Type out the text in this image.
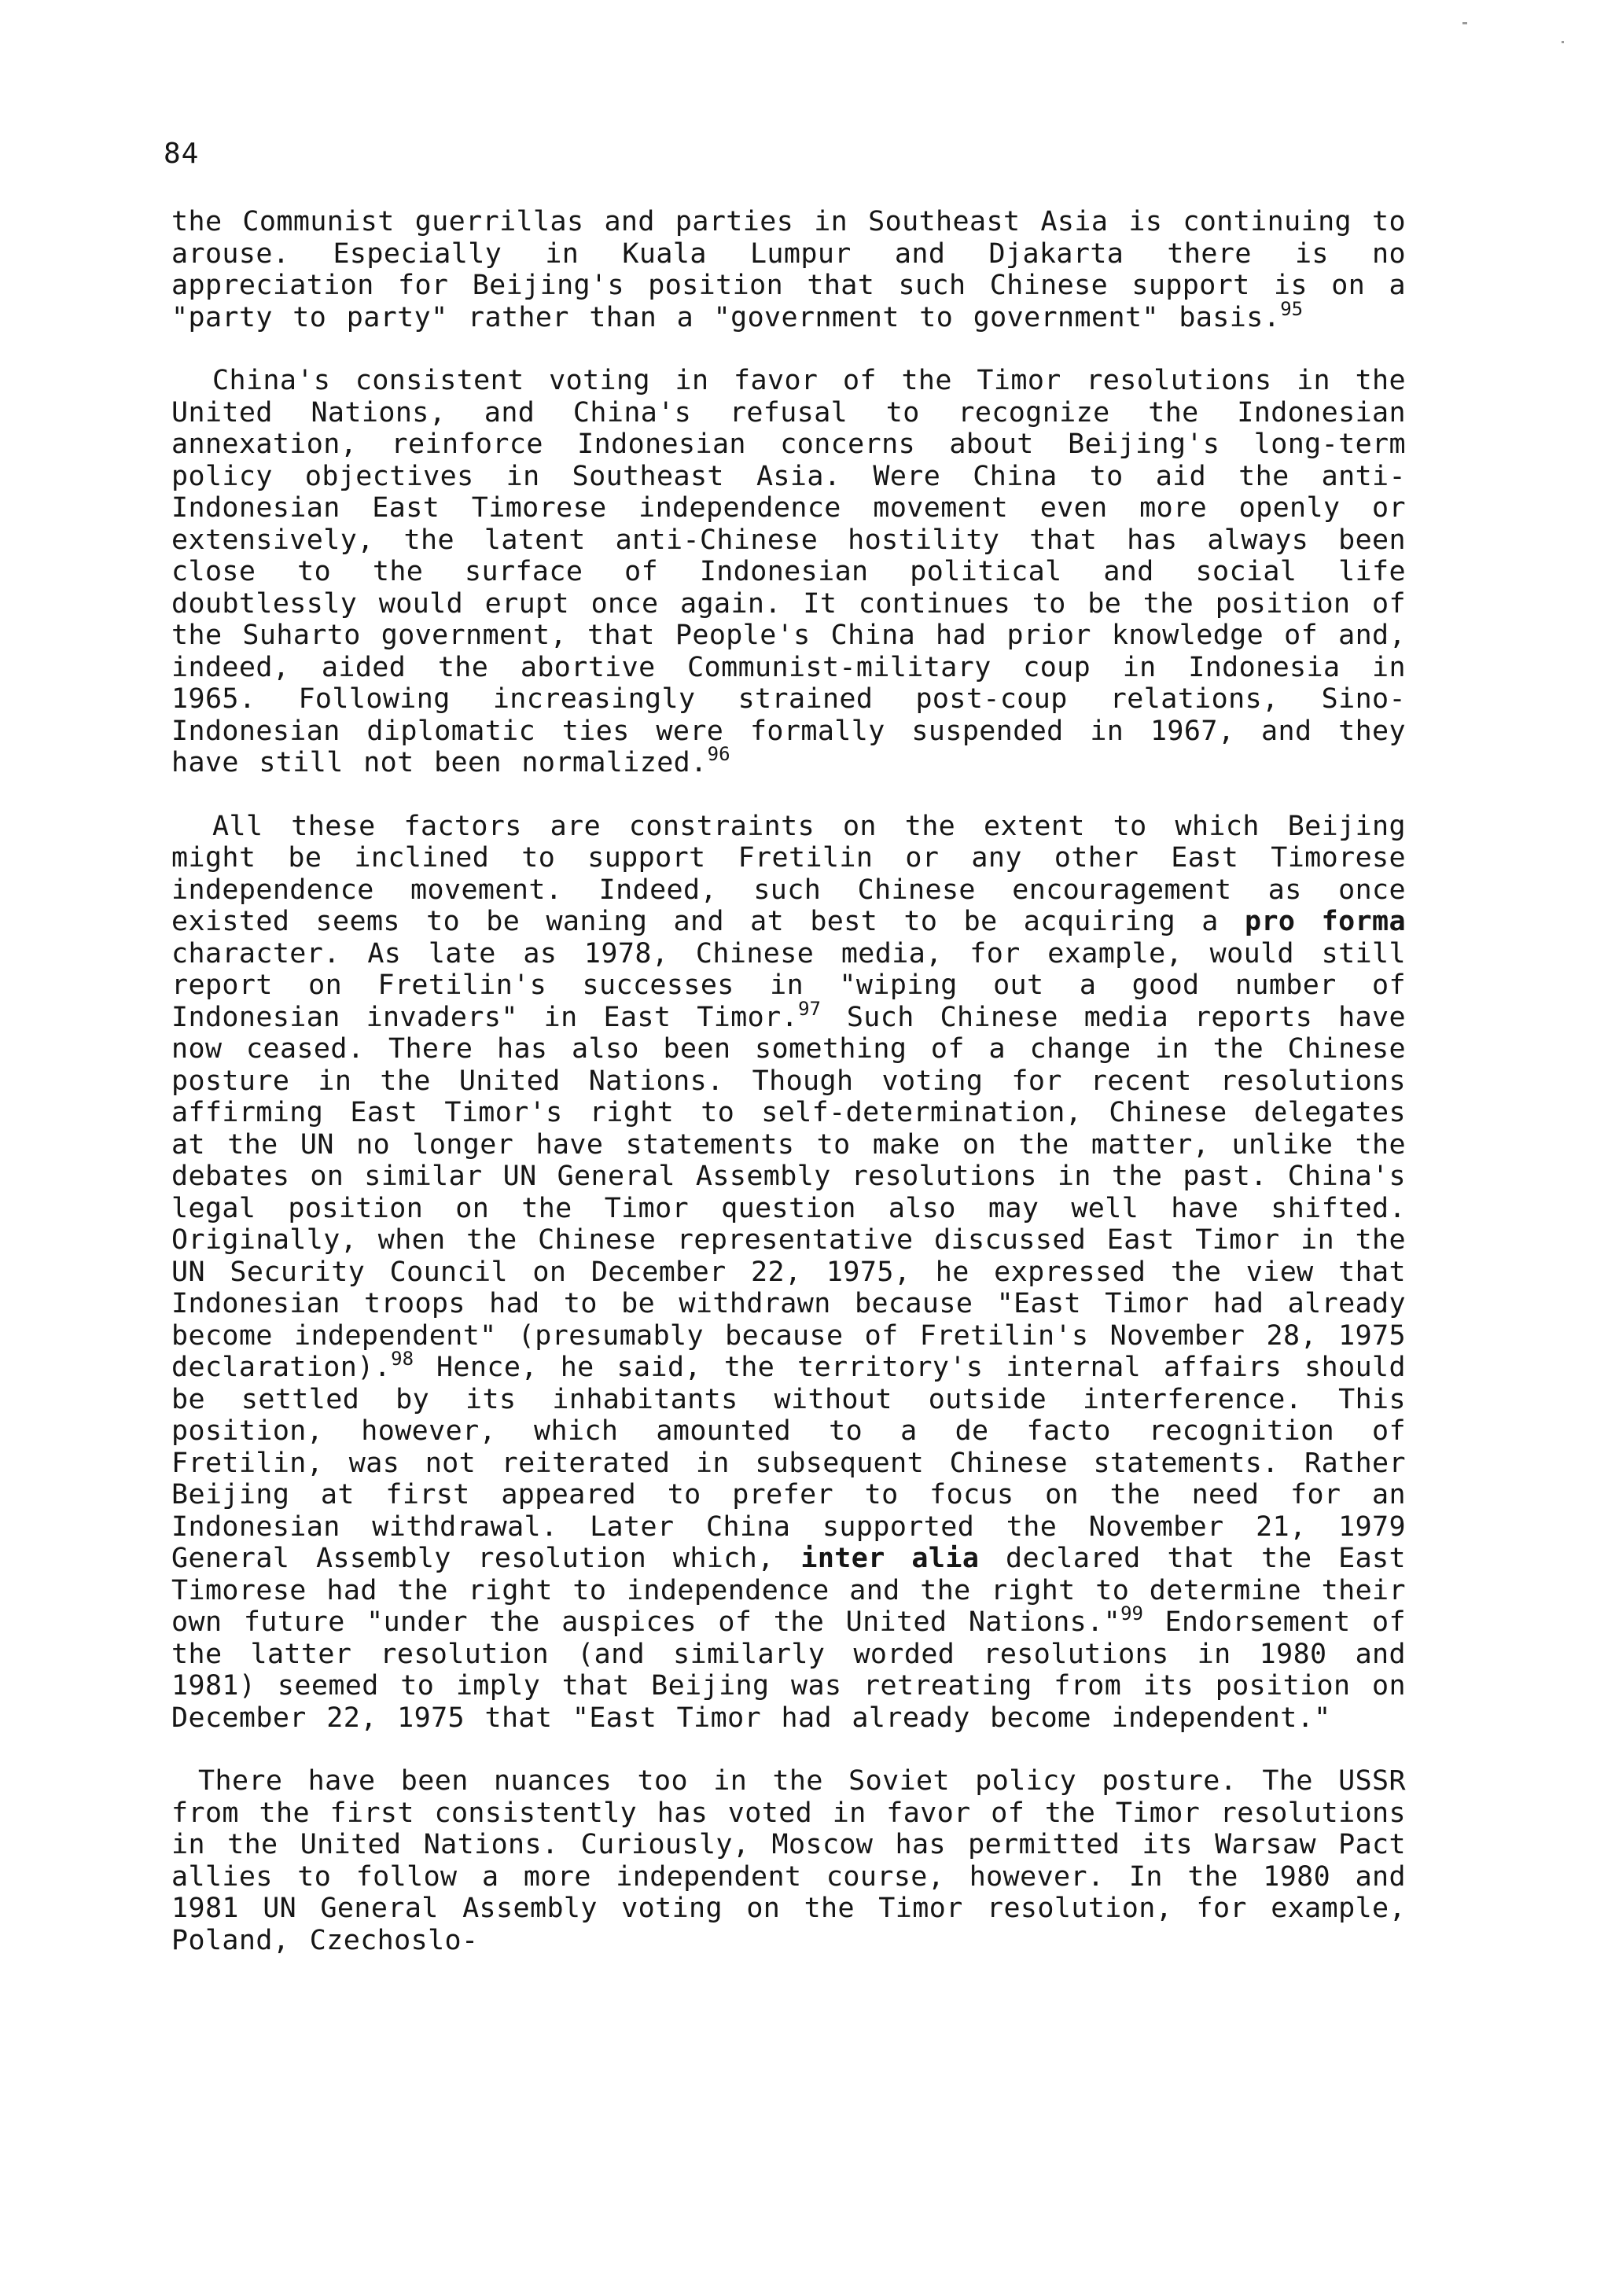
84

the Communist guerrillas and parties in Southeast Asia is continuing to arouse. Especially in Kuala Lumpur and Djakarta there is no appreciation for Beijing's position that such Chinese support is on a "party to party" rather than a "government to government" basis.$^{95}$

China's consistent voting in favor of the Timor resolutions in the United Nations, and China's refusal to recognize the Indonesian annexation, reinforce Indonesian concerns about Beijing's long-term policy objectives in Southeast Asia. Were China to aid the anti-Indonesian East Timorese independence movement even more openly or extensively, the latent anti-Chinese hostility that has always been close to the surface of Indonesian political and social life doubtlessly would erupt once again. It continues to be the position of the Suharto government, that People's China had prior knowledge of and, indeed, aided the abortive Communist-military coup in Indonesia in 1965. Following increasingly strained post-coup relations, Sino-Indonesian diplomatic ties were formally suspended in 1967, and they have still not been normalized.$^{96}$

All these factors are constraints on the extent to which Beijing might be inclined to support Fretilin or any other East Timorese independence movement. Indeed, such Chinese encouragement as once existed seems to be waning and at best to be acquiring a pro forma character. As late as 1978, Chinese media, for example, would still report on Fretilin's successes in "wiping out a good number of Indonesian invaders" in East Timor.$^{97}$ Such Chinese media reports have now ceased. There has also been something of a change in the Chinese posture in the United Nations. Though voting for recent resolutions affirming East Timor's right to self-determination, Chinese delegates at the UN no longer have statements to make on the matter, unlike the debates on similar UN General Assembly resolutions in the past. China's legal position on the Timor question also may well have shifted. Originally, when the Chinese representative discussed East Timor in the UN Security Council on December 22, 1975, he expressed the view that Indonesian troops had to be withdrawn because "East Timor had already become independent" (presumably because of Fretilin's November 28, 1975 declaration).$^{98}$ Hence, he said, the territory's internal affairs should be settled by its inhabitants without outside interference. This position, however, which amounted to a de facto recognition of Fretilin, was not reiterated in subsequent Chinese statements. Rather Beijing at first appeared to prefer to focus on the need for an Indonesian withdrawal. Later China supported the November 21, 1979 General Assembly resolution which, inter alia declared that the East Timorese had the right to independence and the right to determine their own future "under the auspices of the United Nations."$^{99}$ Endorsement of the latter resolution (and similarly worded resolutions in 1980 and 1981) seemed to imply that Beijing was retreating from its position on December 22, 1975 that "East Timor had already become independent."

There have been nuances too in the Soviet policy posture. The USSR from the first consistently has voted in favor of the Timor resolutions in the United Nations. Curiously, Moscow has permitted its Warsaw Pact allies to follow a more independent course, however. In the 1980 and 1981 UN General Assembly voting on the Timor resolution, for example, Poland, Czechoslo-
